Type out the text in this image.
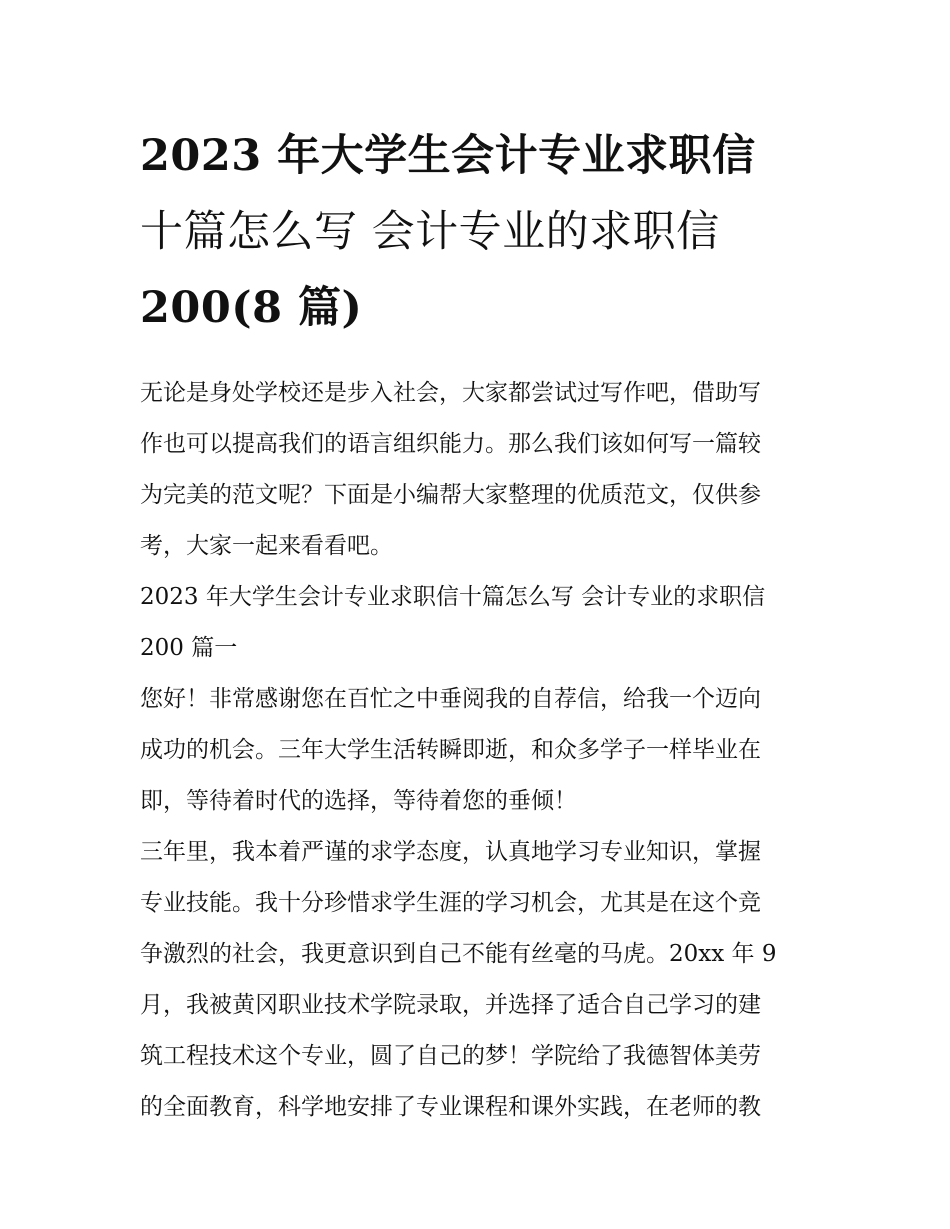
2023 年大学生会计专业求职信
十篇怎么写 会计专业的求职信
200(8 篇)

无论是身处学校还是步入社会，大家都尝试过写作吧，借助写
作也可以提高我们的语言组织能力。那么我们该如何写一篇较
为完美的范文呢？下面是小编帮大家整理的优质范文，仅供参
考，大家一起来看看吧。

2023 年大学生会计专业求职信十篇怎么写 会计专业的求职信
200 篇一

您好！非常感谢您在百忙之中垂阅我的自荐信，给我一个迈向
成功的机会。三年大学生活转瞬即逝，和众多学子一样毕业在
即，等待着时代的选择，等待着您的垂倾！

三年里，我本着严谨的求学态度，认真地学习专业知识，掌握
专业技能。我十分珍惜求学生涯的学习机会，尤其是在这个竞
争激烈的社会，我更意识到自己不能有丝毫的马虎。20xx 年 9
月，我被黄冈职业技术学院录取，并选择了适合自己学习的建
筑工程技术这个专业，圆了自己的梦！学院给了我德智体美劳
的全面教育，科学地安排了专业课程和课外实践，在老师的教
